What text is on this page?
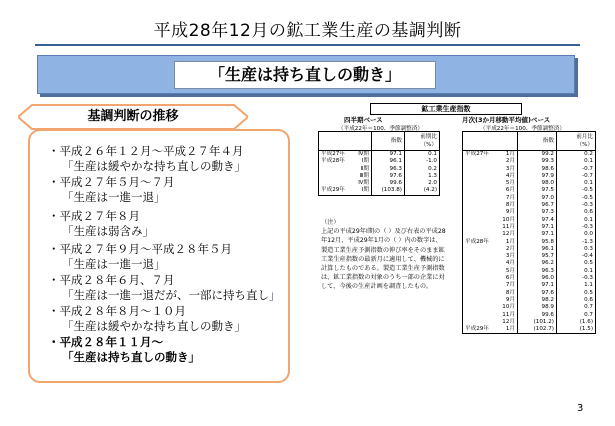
平成28年12月の鉱工業生産の基調判断
「生産は持ち直しの動き」
基調判断の推移
・平成２６年１２月～平成２７年４月
「生産は緩やかな持ち直しの動き」
・平成２７年５月～７月
「生産は一進一退」
・平成２７年８月
「生産は弱含み」
・平成２７年９月～平成２８年５月
「生産は一進一退」
・平成２８年６月、７月
「生産は一進一退だが、一部に持ち直し」
・平成２８年８月～１０月
「生産は緩やかな持ち直しの動き」
・平成２８年１１月～
「生産は持ち直しの動き」
鉱工業生産指数
四半期ベース
（平成22年＝100、季節調整済）
		指数	前期比
（%）
平成27年	Ⅳ期	97.1	0.1
平成28年	Ⅰ期	96.1	-1.0
	Ⅱ期	96.3	0.2
	Ⅲ期	97.6	1.3
	Ⅳ期	99.6	2.0
平成29年	Ⅰ期	(103.8)	(4.2)
（注）
上記の平成29年Ⅰ期の（ ）及び右表の平成28年12月、平成29年1月の（ ）内の数字は、製造工業生産予測指数の伸び率をそのまま鉱工業生産指数の最新月に適用して、機械的に計算したものである。製造工業生産予測指数は、鉱工業指数の対象のうち一部の企業に対して、今後の生産計画を調査したもの。
月次(3か月移動平均値)ベース
（平成22年＝100、季節調整済）
		指数	前月比
（%）
平成27年	1月	99.2	0.2
	2月	99.3	0.1
	3月	98.6	-0.7
	4月	97.9	-0.7
	5月	98.0	0.1
	6月	97.5	-0.5
	7月	97.0	-0.5
	8月	96.7	-0.3
	9月	97.3	0.6
	10月	97.4	0.1
	11月	97.1	-0.3
	12月	97.1	0.0
平成28年	1月	95.8	-1.3
	2月	96.1	0.3
	3月	95.7	-0.4
	4月	96.2	0.5
	5月	96.3	0.1
	6月	96.0	-0.3
	7月	97.1	1.1
	8月	97.6	0.5
	9月	98.2	0.6
	10月	98.9	0.7
	11月	99.6	0.7
	12月	(101.2)	(1.6)
平成29年	1月	(102.7)	(1.5)
3
